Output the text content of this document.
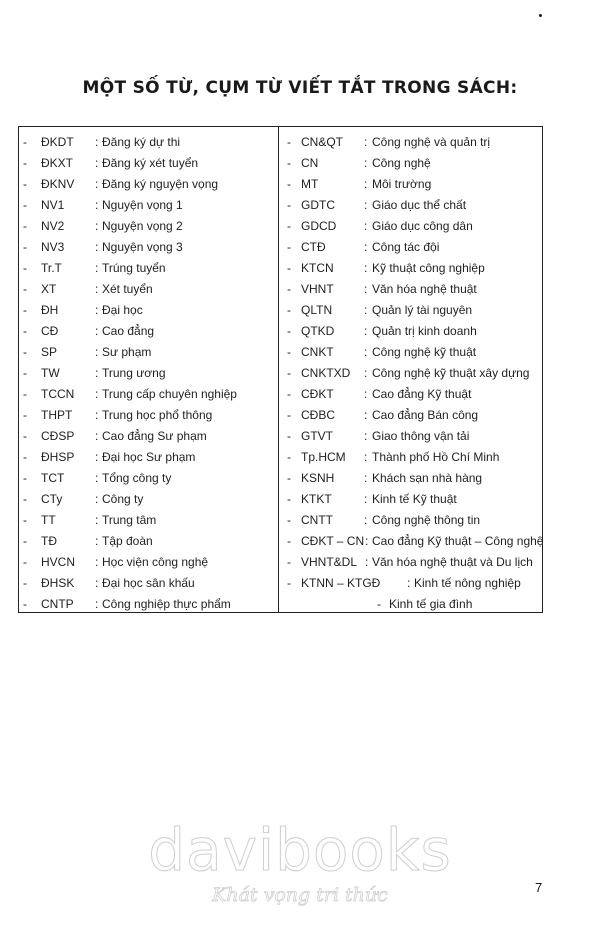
MỘT SỐ TỪ, CỤM TỪ VIẾT TẮT TRONG SÁCH:
- ĐKDT : Đăng ký dự thi
- ĐKXT : Đăng ký xét tuyển
- ĐKNV : Đăng ký nguyện vọng
- NV1	: Nguyện vọng 1
- NV2	: Nguyện vọng 2
- NV3	: Nguyện vọng 3
- Tr.T	: Trúng tuyển
- XT	: Xét tuyển
- ĐH	: Đại học
- CĐ	: Cao đẳng
- SP	: Sư phạm
- TW	: Trung ương
- TCCN : Trung cấp chuyên nghiệp
- THPT : Trung học phổ thông
- CĐSP : Cao đẳng Sư phạm
- ĐHSP : Đại học Sư phạm
- TCT	: Tổng công ty
- CTy	: Công ty
- TT	: Trung tâm
- TĐ	: Tập đoàn
- HVCN : Học viện công nghệ
- ĐHSK : Đại học sân khấu
- CNTP : Công nghiệp thực phẩm
- CN&QT : Công nghệ và quản trị
- CN	: Công nghệ
- MT	: Môi trường
- GDTC : Giáo dục thể chất
- GDCD : Giáo dục công dân
- CTĐ	: Công tác đội
- KTCN	: Kỹ thuật công nghiệp
- VHNT	: Văn hóa nghệ thuật
- QLTN	: Quản lý tài nguyên
- QTKD : Quản trị kinh doanh
- CNKT	: Công nghệ kỹ thuật
- CNKTXD : Công nghệ kỹ thuật xây dựng
- CĐKT	: Cao đẳng Kỹ thuật
- CĐBC : Cao đẳng Bán công
- GTVT	: Giao thông vận tải
- Tp.HCM : Thành phố Hồ Chí Minh
- KSNH : Khách sạn nhà hàng
- KTKT	: Kinh tế Kỹ thuật
- CNTT	: Công nghệ thông tin
- CĐKT – CN : Cao đẳng Kỹ thuật – Công nghệ
- VHNT&DL : Văn hóa nghệ thuật và Du lịch
- KTNN – KTGĐ : Kinh tế nông nghiệp
- Kinh tế gia đình
davibooks
Khát vọng tri thức	7
